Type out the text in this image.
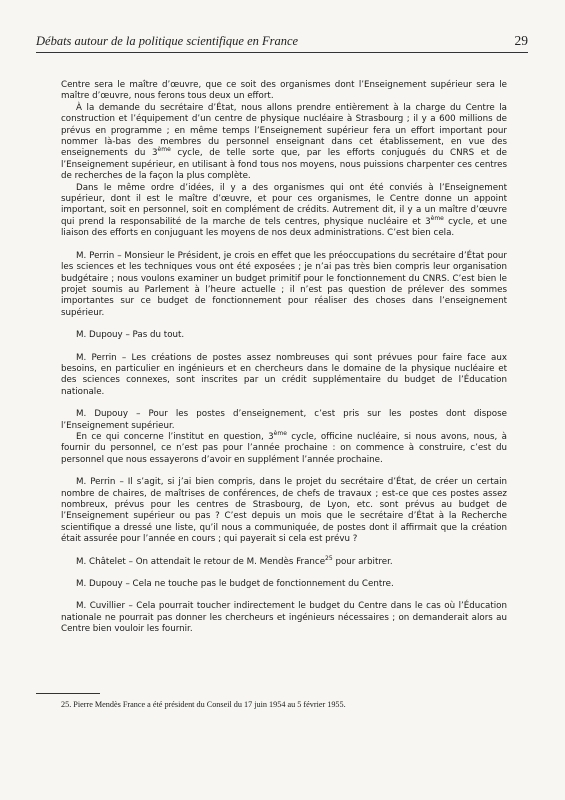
Débats autour de la politique scientifique en France	29

Centre sera le maître d’œuvre, que ce soit des organismes dont l’Enseignement supérieur sera le maître d’œuvre, nous ferons tous deux un effort.

À la demande du secrétaire d’État, nous allons prendre entièrement à la charge du Centre la construction et l’équipement d’un centre de physique nucléaire à Strasbourg ; il y a 600 millions de prévus en programme ; en même temps l’Enseignement supérieur fera un effort important pour nommer là-bas des membres du personnel enseignant dans cet établissement, en vue des enseignements du 3ème cycle, de telle sorte que, par les efforts conjugués du CNRS et de l’Enseignement supérieur, en utilisant à fond tous nos moyens, nous puissions charpenter ces centres de recherches de la façon la plus complète.

Dans le même ordre d’idées, il y a des organismes qui ont été conviés à l’Enseignement supérieur, dont il est le maître d’œuvre, et pour ces organismes, le Centre donne un appoint important, soit en personnel, soit en complément de crédits. Autrement dit, il y a un maître d’œuvre qui prend la responsabilité de la marche de tels centres, physique nucléaire et 3ème cycle, et une liaison des efforts en conjuguant les moyens de nos deux administrations. C’est bien cela.

M. Perrin – Monsieur le Président, je crois en effet que les préoccupations du secrétaire d’État pour les sciences et les techniques vous ont été exposées ; je n’ai pas très bien compris leur organisation budgétaire ; nous voulons examiner un budget primitif pour le fonctionnement du CNRS. C’est bien le projet soumis au Parlement à l’heure actuelle ; il n’est pas question de prélever des sommes importantes sur ce budget de fonctionnement pour réaliser des choses dans l’enseignement supérieur.

M. Dupouy – Pas du tout.

M. Perrin – Les créations de postes assez nombreuses qui sont prévues pour faire face aux besoins, en particulier en ingénieurs et en chercheurs dans le domaine de la physique nucléaire et des sciences connexes, sont inscrites par un crédit supplémentaire du budget de l’Éducation nationale.

M. Dupouy – Pour les postes d’enseignement, c’est pris sur les postes dont dispose l’Enseignement supérieur.

En ce qui concerne l’institut en question, 3ème cycle, officine nucléaire, si nous avons, nous, à fournir du personnel, ce n’est pas pour l’année prochaine : on commence à construire, c’est du personnel que nous essayerons d’avoir en supplément l’année prochaine.

M. Perrin – Il s’agit, si j’ai bien compris, dans le projet du secrétaire d’État, de créer un certain nombre de chaires, de maîtrises de conférences, de chefs de travaux ; est-ce que ces postes assez nombreux, prévus pour les centres de Strasbourg, de Lyon, etc. sont prévus au budget de l’Enseignement supérieur ou pas ? C’est depuis un mois que le secrétaire d’État à la Recherche scientifique a dressé une liste, qu’il nous a communiquée, de postes dont il affirmait que la création était assurée pour l’année en cours ; qui payerait si cela est prévu ?

M. Châtelet – On attendait le retour de M. Mendès France$^{25}$ pour arbitrer.

M. Dupouy – Cela ne touche pas le budget de fonctionnement du Centre.

M. Cuvillier – Cela pourrait toucher indirectement le budget du Centre dans le cas où l’Éducation nationale ne pourrait pas donner les chercheurs et ingénieurs nécessaires ; on demanderait alors au Centre bien vouloir les fournir.

25. Pierre Mendès France a été président du Conseil du 17 juin 1954 au 5 février 1955.
